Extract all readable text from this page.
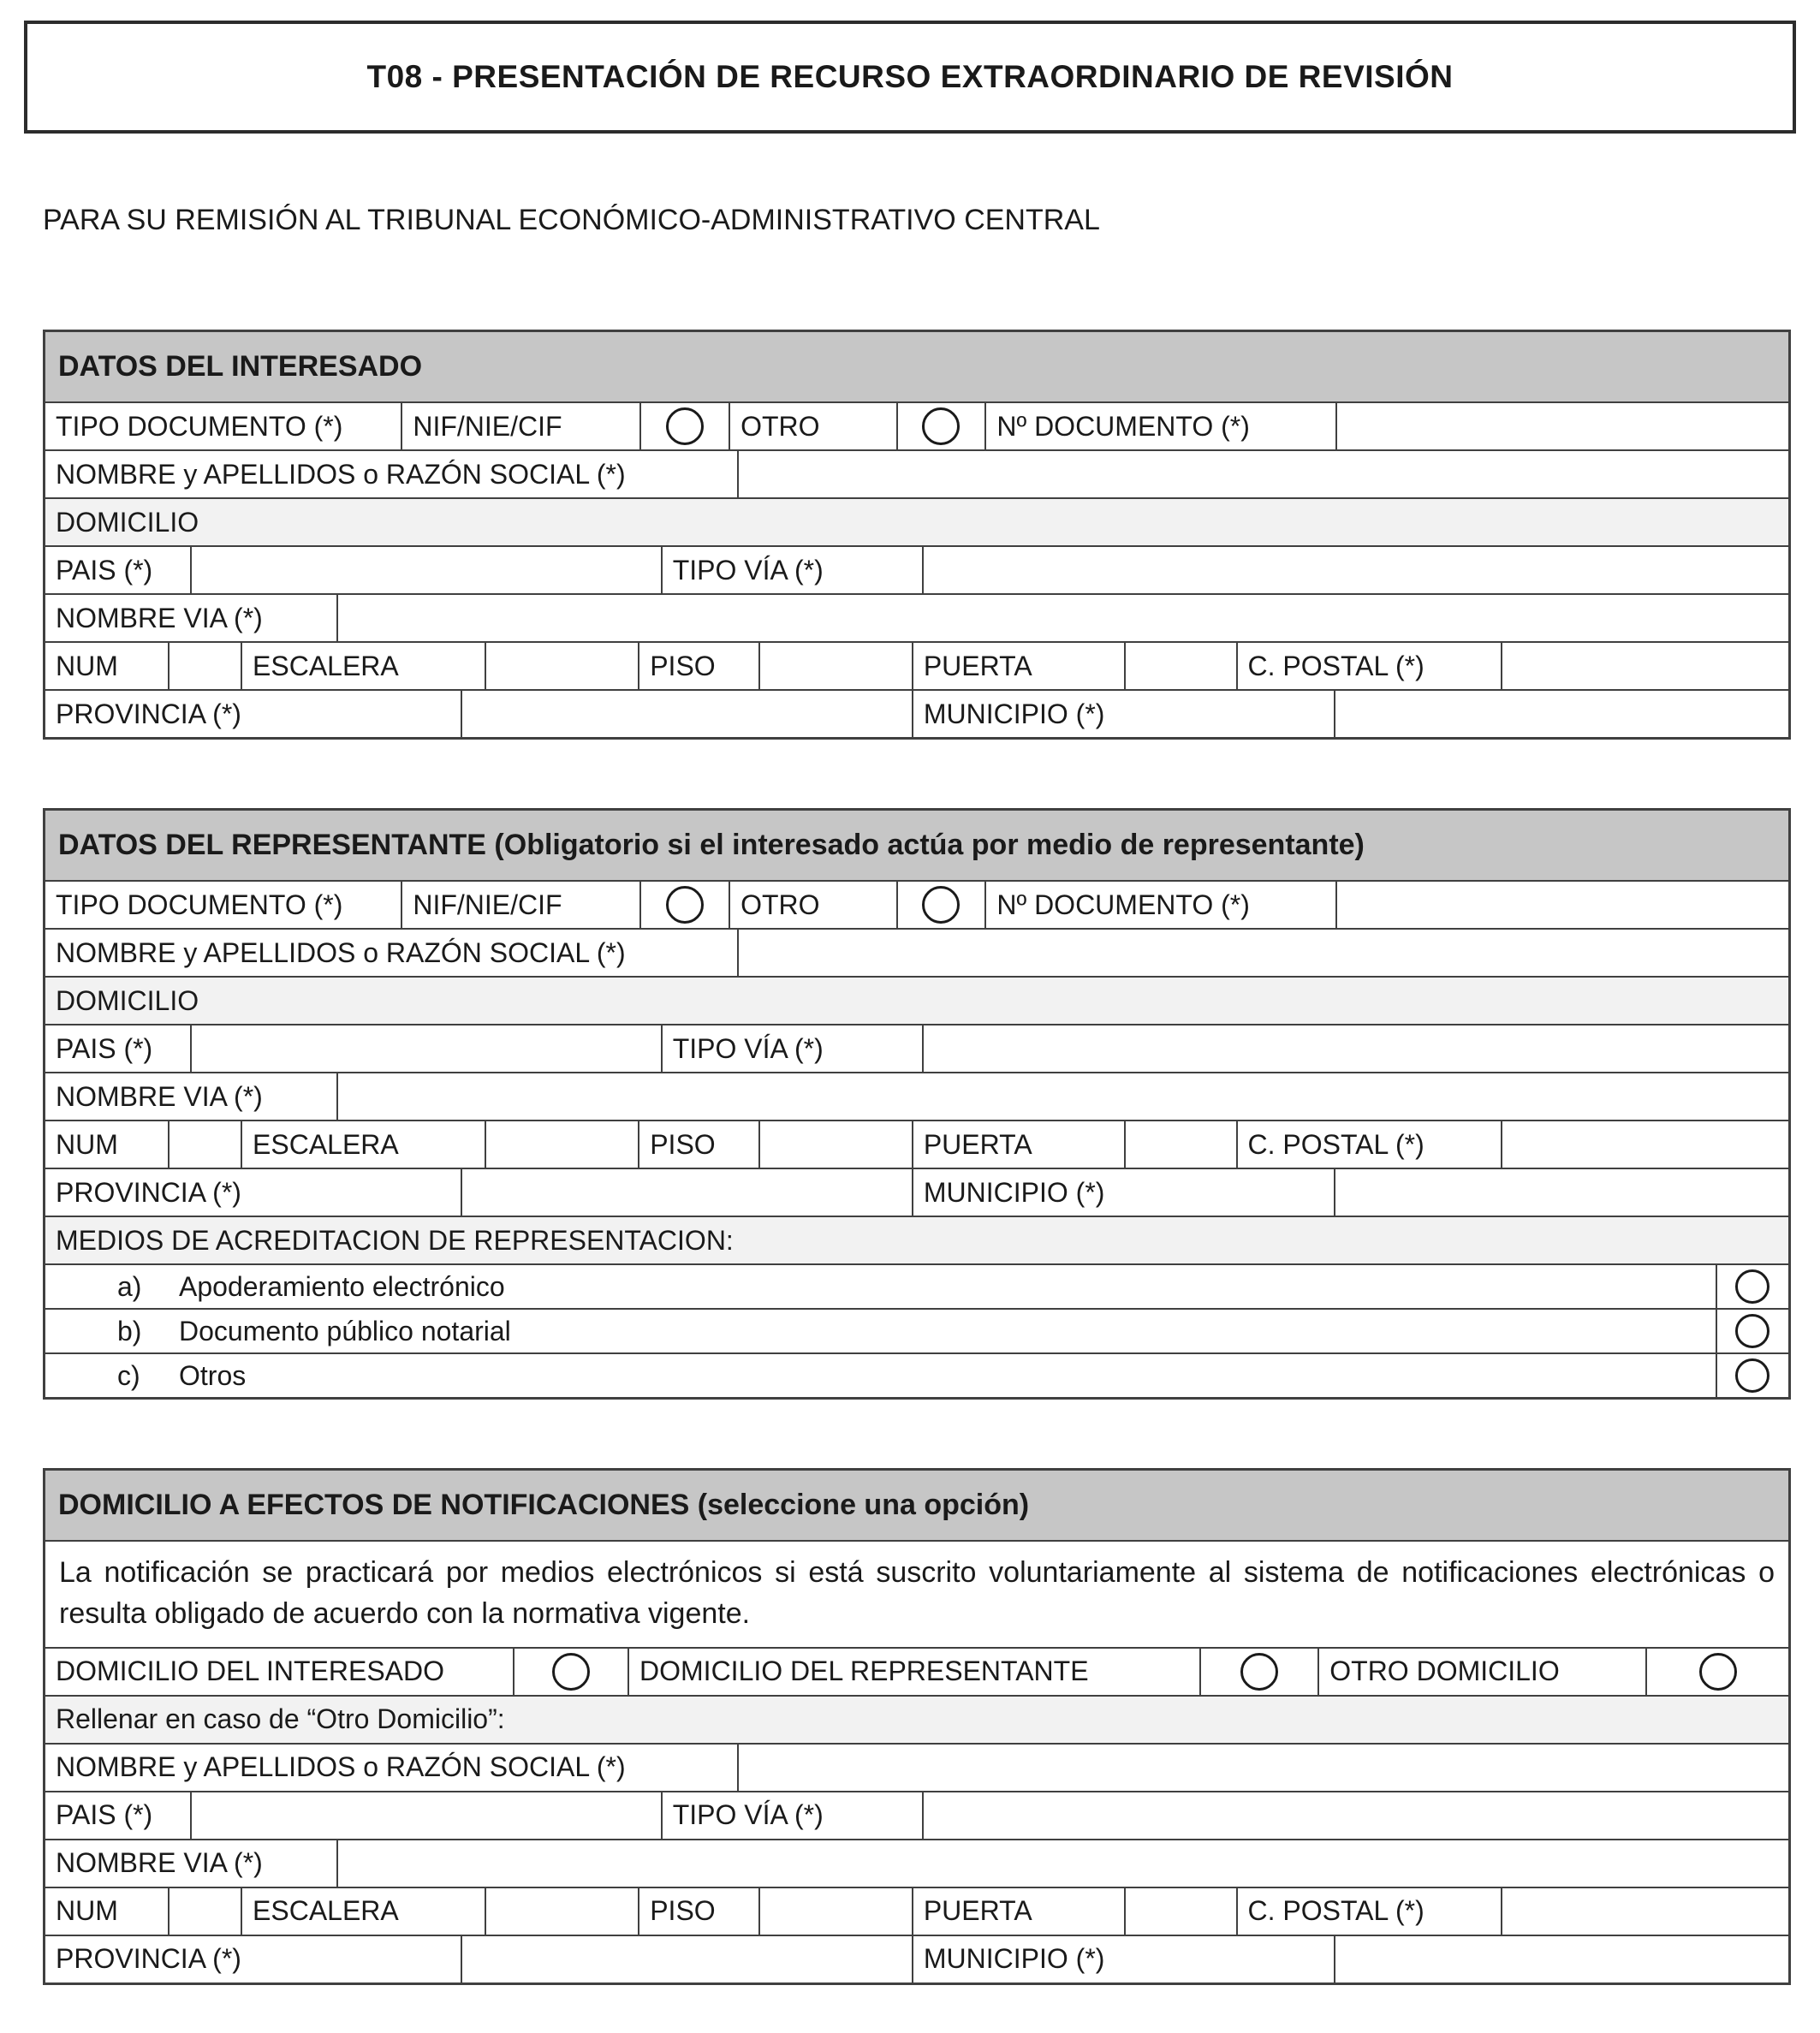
T08 - PRESENTACIÓN DE RECURSO EXTRAORDINARIO DE REVISIÓN
PARA SU REMISIÓN AL TRIBUNAL ECONÓMICO-ADMINISTRATIVO CENTRAL
DATOS DEL INTERESADO
TIPO DOCUMENTO (*)	NIF/NIE/CIF	OTRO	Nº DOCUMENTO (*)
NOMBRE y APELLIDOS o RAZÓN SOCIAL (*)
DOMICILIO
PAIS (*)	TIPO VÍA (*)
NOMBRE VIA (*)
NUM	ESCALERA	PISO	PUERTA	C. POSTAL (*)
PROVINCIA (*)	MUNICIPIO (*)
DATOS DEL REPRESENTANTE (Obligatorio si el interesado actúa por medio de representante)
TIPO DOCUMENTO (*)	NIF/NIE/CIF	OTRO	Nº DOCUMENTO (*)
NOMBRE y APELLIDOS o RAZÓN SOCIAL (*)
DOMICILIO
PAIS (*)	TIPO VÍA (*)
NOMBRE VIA (*)
NUM	ESCALERA	PISO	PUERTA	C. POSTAL (*)
PROVINCIA (*)	MUNICIPIO (*)
MEDIOS DE ACREDITACION DE REPRESENTACION:
a)	Apoderamiento electrónico
b)	Documento público notarial
c)	Otros
DOMICILIO A EFECTOS DE NOTIFICACIONES (seleccione una opción)
La notificación se practicará por medios electrónicos si está suscrito voluntariamente al sistema de notificaciones electrónicas o resulta obligado de acuerdo con la normativa vigente.
DOMICILIO DEL INTERESADO	DOMICILIO DEL REPRESENTANTE	OTRO DOMICILIO
Rellenar en caso de “Otro Domicilio”:
NOMBRE y APELLIDOS o RAZÓN SOCIAL (*)
PAIS (*)	TIPO VÍA (*)
NOMBRE VIA (*)
NUM	ESCALERA	PISO	PUERTA	C. POSTAL (*)
PROVINCIA (*)	MUNICIPIO (*)
